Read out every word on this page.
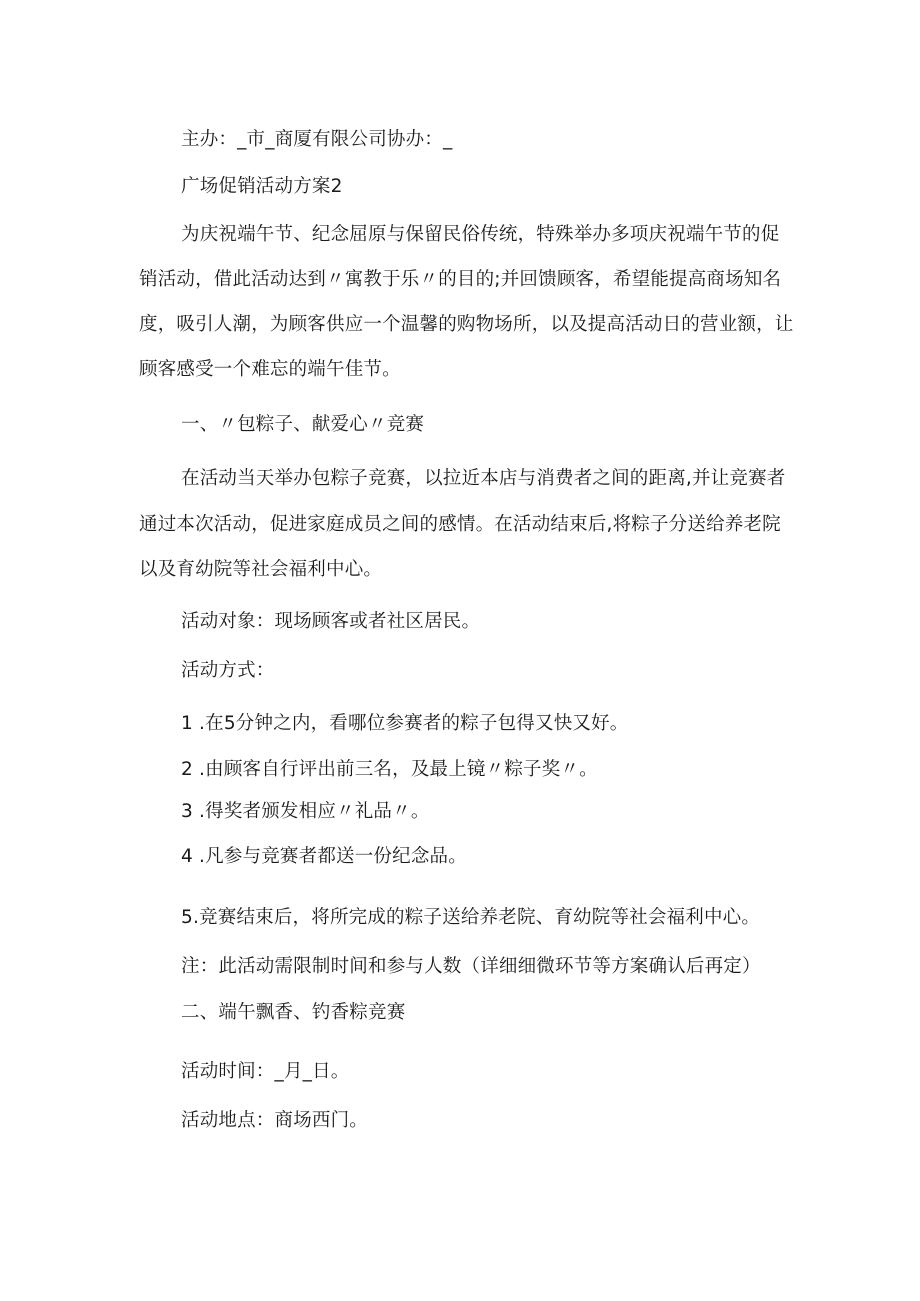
主办：_市_商厦有限公司协办：_
广场促销活动方案2
为庆祝端午节、纪念屈原与保留民俗传统，特殊举办多项庆祝端午节的促
销活动，借此活动达到〃寓教于乐〃的目的;并回馈顾客，希望能提高商场知名
度，吸引人潮，为顾客供应一个温馨的购物场所，以及提高活动日的营业额，让
顾客感受一个难忘的端午佳节。
一、〃包粽子、献爱心〃竞赛
在活动当天举办包粽子竞赛，以拉近本店与消费者之间的距离,并让竞赛者
通过本次活动，促进家庭成员之间的感情。在活动结束后,将粽子分送给养老院
以及育幼院等社会福利中心。
活动对象：现场顾客或者社区居民。
活动方式：
1 .在5分钟之内，看哪位参赛者的粽子包得又快又好。
2 .由顾客自行评出前三名，及最上镜〃粽子奖〃。
3 .得奖者颁发相应〃礼品〃。
4 .凡参与竞赛者都送一份纪念品。
5.竞赛结束后，将所完成的粽子送给养老院、育幼院等社会福利中心。
注：此活动需限制时间和参与人数（详细细微环节等方案确认后再定）
二、端午飘香、钓香粽竞赛
活动时间：_月_日。
活动地点：商场西门。
